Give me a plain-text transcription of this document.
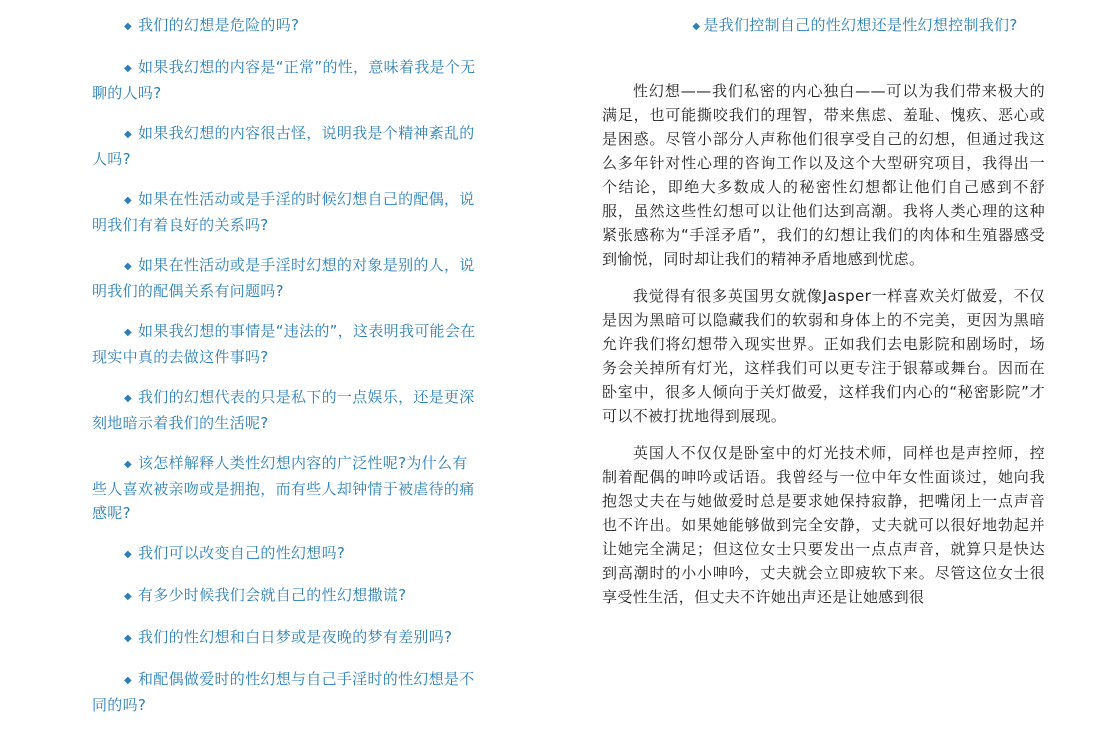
◆ 我们的幻想是危险的吗?
◆ 如果我幻想的内容是“正常”的性，意味着我是个无聊的人吗?
◆ 如果我幻想的内容很古怪，说明我是个精神紊乱的人吗?
◆ 如果在性活动或是手淫的时候幻想自己的配偶，说明我们有着良好的关系吗?
◆ 如果在性活动或是手淫时幻想的对象是别的人，说明我们的配偶关系有问题吗?
◆ 如果我幻想的事情是“违法的”，这表明我可能会在现实中真的去做这件事吗?
◆ 我们的幻想代表的只是私下的一点娱乐，还是更深刻地暗示着我们的生活呢?
◆ 该怎样解释人类性幻想内容的广泛性呢?为什么有些人喜欢被亲吻或是拥抱，而有些人却钟情于被虐待的痛感呢?
◆ 我们可以改变自己的性幻想吗?
◆ 有多少时候我们会就自己的性幻想撒谎?
◆ 我们的性幻想和白日梦或是夜晚的梦有差别吗?
◆ 和配偶做爱时的性幻想与自己手淫时的性幻想是不同的吗?
◆ 是我们控制自己的性幻想还是性幻想控制我们?

性幻想——我们私密的内心独白——可以为我们带来极大的满足，也可能撕咬我们的理智，带来焦虑、羞耻、愧疚、恶心或是困惑。尽管小部分人声称他们很享受自己的幻想，但通过我这么多年针对性心理的咨询工作以及这个大型研究项目，我得出一个结论，即绝大多数成人的秘密性幻想都让他们自己感到不舒服，虽然这些性幻想可以让他们达到高潮。我将人类心理的这种紧张感称为“手淫矛盾”，我们的幻想让我们的肉体和生殖器感受到愉悦，同时却让我们的精神矛盾地感到忧虑。

我觉得有很多英国男女就像Jasper一样喜欢关灯做爱，不仅是因为黑暗可以隐藏我们的软弱和身体上的不完美，更因为黑暗允许我们将幻想带入现实世界。正如我们去电影院和剧场时，场务会关掉所有灯光，这样我们可以更专注于银幕或舞台。因而在卧室中，很多人倾向于关灯做爱，这样我们内心的“秘密影院”才可以不被打扰地得到展现。

英国人不仅仅是卧室中的灯光技术师，同样也是声控师，控制着配偶的呻吟或话语。我曾经与一位中年女性面谈过，她向我抱怨丈夫在与她做爱时总是要求她保持寂静，把嘴闭上一点声音也不许出。如果她能够做到完全安静，丈夫就可以很好地勃起并让她完全满足；但这位女士只要发出一点点声音，就算只是快达到高潮时的小小呻吟，丈夫就会立即疲软下来。尽管这位女士很享受性生活，但丈夫不许她出声还是让她感到很
